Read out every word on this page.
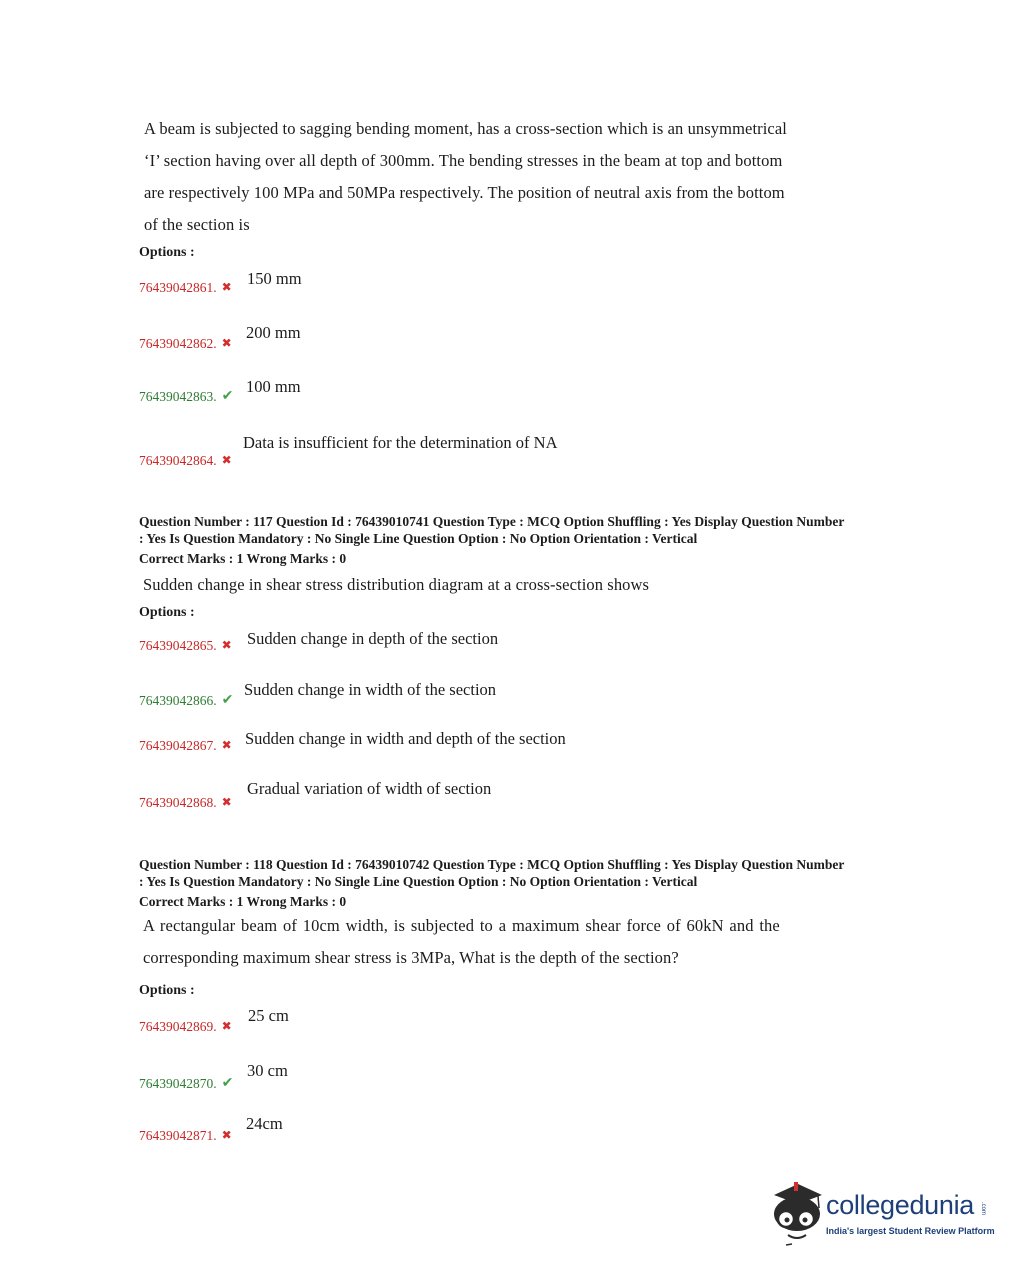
A beam is subjected to sagging bending moment, has a cross-section which is an unsymmetrical
‘I’ section having over all depth of 300mm. The bending stresses in the beam at top and bottom
are respectively 100 MPa and 50MPa respectively. The position of neutral axis from the bottom
of the section is
Options :
76439042861. ✖ 150 mm
76439042862. ✖
200 mm
76439042863. ✔
100 mm
76439042864. ✖
Data is insufficient for the determination of NA
Question Number : 117 Question Id : 76439010741 Question Type : MCQ Option Shuffling : Yes Display Question Number
: Yes Is Question Mandatory : No Single Line Question Option : No Option Orientation : Vertical
Correct Marks : 1 Wrong Marks : 0
Sudden change in shear stress distribution diagram at a cross-section shows
Options :
76439042865. ✖ Sudden change in depth of the section
76439042866. ✔
Sudden change in width of the section
76439042867. ✖ Sudden change in width and depth of the section
76439042868. ✖
Gradual variation of width of section
Question Number : 118 Question Id : 76439010742 Question Type : MCQ Option Shuffling : Yes Display Question Number
: Yes Is Question Mandatory : No Single Line Question Option : No Option Orientation : Vertical
Correct Marks : 1 Wrong Marks : 0
A rectangular beam of 10cm width, is subjected to a maximum shear force of 60kN and the
corresponding maximum shear stress is 3MPa, What is the depth of the section?
Options :
76439042869. ✖
25 cm
76439042870. ✔
30 cm
76439042871. ✖
24cm
collegedunia .com
India's largest Student Review Platform
